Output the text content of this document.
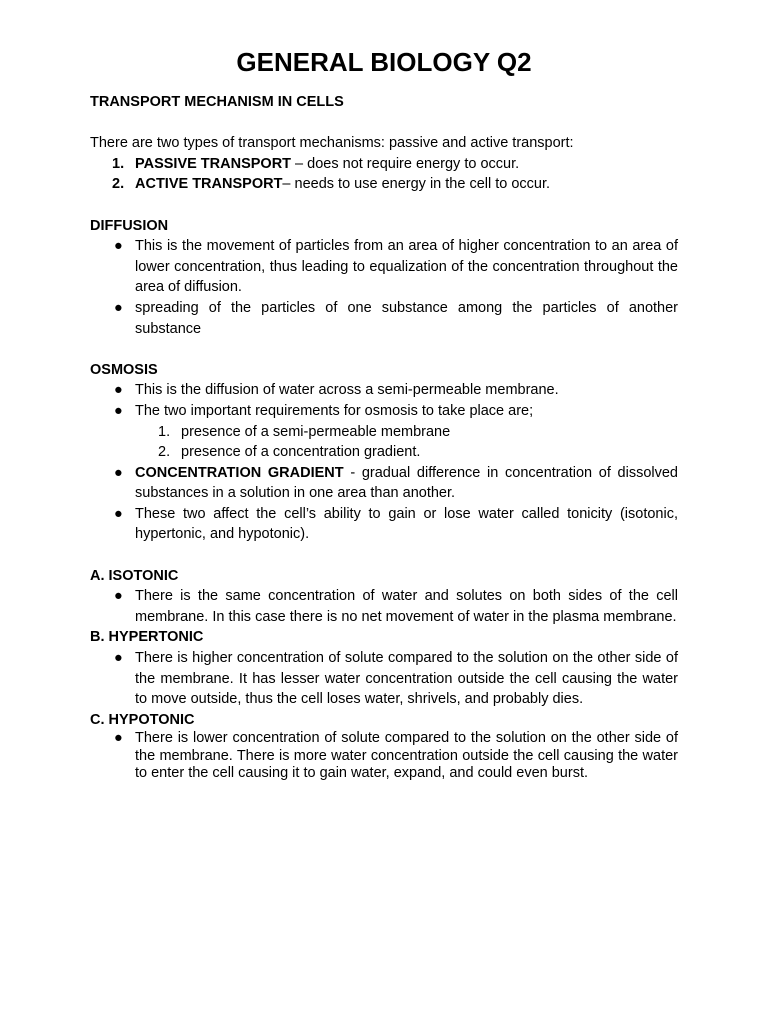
GENERAL BIOLOGY Q2
TRANSPORT MECHANISM IN CELLS
There are two types of transport mechanisms: passive and active transport:
1. PASSIVE TRANSPORT – does not require energy to occur.
2. ACTIVE TRANSPORT– needs to use energy in the cell to occur.
DIFFUSION
● This is the movement of particles from an area of higher concentration to an area of lower concentration, thus leading to equalization of the concentration throughout the area of diffusion.
● spreading of the particles of one substance among the particles of another substance
OSMOSIS
● This is the diffusion of water across a semi-permeable membrane.
● The two important requirements for osmosis to take place are;
1. presence of a semi-permeable membrane
2. presence of a concentration gradient.
● CONCENTRATION GRADIENT - gradual difference in concentration of dissolved substances in a solution in one area than another.
● These two affect the cell’s ability to gain or lose water called tonicity (isotonic, hypertonic, and hypotonic).
A. ISOTONIC
● There is the same concentration of water and solutes on both sides of the cell membrane. In this case there is no net movement of water in the plasma membrane.
B. HYPERTONIC
● There is higher concentration of solute compared to the solution on the other side of the membrane. It has lesser water concentration outside the cell causing the water to move outside, thus the cell loses water, shrivels, and probably dies.
C. HYPOTONIC
● There is lower concentration of solute compared to the solution on the other side of the membrane. There is more water concentration outside the cell causing the water to enter the cell causing it to gain water, expand, and could even burst.
